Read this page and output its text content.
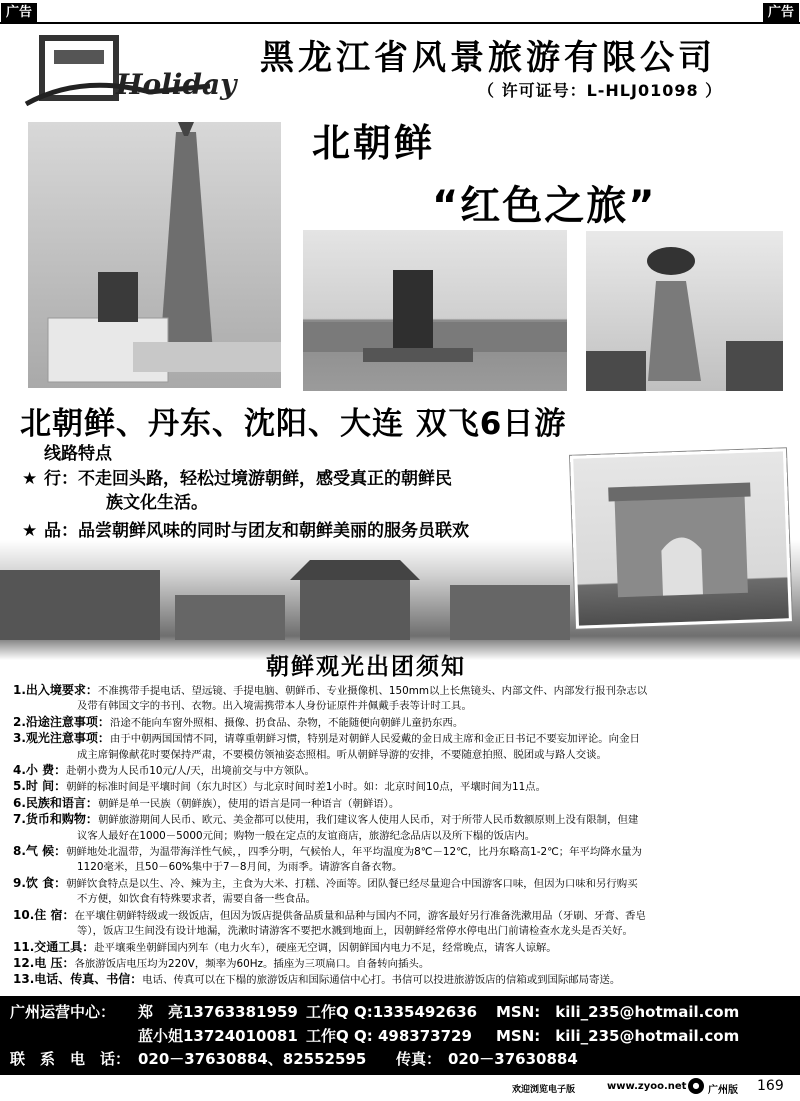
广告	广告
Holiday
黑龙江省风景旅游有限公司
（ 许可证号：L-HLJ01098 ）
北朝鲜
“红色之旅”
北朝鲜、丹东、沈阳、大连 双飞6日游
线路特点
★ 行：不走回头路，轻松过境游朝鲜，感受真正的朝鲜民
族文化生活。
★ 品：品尝朝鲜风味的同时与团友和朝鲜美丽的服务员联欢
朝鲜观光出团须知

1.出入境要求：不准携带手提电话、望远镜、手提电脑、朝鲜币、专业摄像机、150mm以上长焦镜头、内部文件、内部发行报刊杂志以
及带有韩国文字的书刊、衣物。出入境需携带本人身份证原件并佩戴手表等计时工具。

2.沿途注意事项：沿途不能向车窗外照相、摄像、扔食品、杂物，不能随便向朝鲜儿童扔东西。

3.观光注意事项：由于中朝两国国情不同，请尊重朝鲜习惯，特别是对朝鲜人民爱戴的金日成主席和金正日书记不要妄加评论。向金日
成主席铜像献花时要保持严肃，不要模仿领袖姿态照相。听从朝鲜导游的安排，不要随意拍照、脱团或与路人交谈。

4.小 费：赴朝小费为人民币10元/人/天，出境前交与中方领队。

5.时 间：朝鲜的标准时间是平壤时间（东九时区）与北京时间时差1小时。如：北京时间10点，平壤时间为11点。

6.民族和语言：朝鲜是单一民族（朝鲜族），使用的语言是同一种语言（朝鲜语）。

7.货币和购物：朝鲜旅游期间人民币、欧元、美金都可以使用，我们建议客人使用人民币，对于所带人民币数额原则上没有限制，但建
议客人最好在1000－5000元间；购物一般在定点的友谊商店，旅游纪念品店以及所下榻的饭店内。

8.气 候：朝鲜地处北温带，为温带海洋性气候，，四季分明，气候怡人，年平均温度为8℃－12℃，比丹东略高1-2℃；年平均降水量为
1120毫米，且50－60%集中于7－8月间，为雨季。请游客自备衣物。

9.饮 食：朝鲜饮食特点是以生、冷、辣为主，主食为大米、打糕、冷面等。团队餐已经尽量迎合中国游客口味，但因为口味和另行购买
不方便，如饮食有特殊要求者，需要自备一些食品。

10.住 宿：在平壤住朝鲜特级或一级饭店，但因为饭店提供备品质量和品种与国内不同，游客最好另行准备洗漱用品（牙刷、牙膏、香皂
等），饭店卫生间没有设计地漏，洗漱时请游客不要把水溅到地面上，因朝鲜经常停水停电出门前请检查水龙头是否关好。

11.交通工具：赴平壤乘坐朝鲜国内列车（电力火车），硬座无空调，因朝鲜国内电力不足，经常晚点，请客人谅解。

12.电 压：各旅游饭店电压均为220V，频率为60Hz。插座为三项扁口。自备转向插头。

13.电话、传真、书信：电话、传真可以在下榻的旅游饭店和国际通信中心打。书信可以投进旅游饭店的信箱或到国际邮局寄送。

广州运营中心： 郑　亮13763381959 工作Q Q:1335492636 MSN:　kili_235@hotmail.com
蓝小姐13724010081 工作Q Q: 498373729 MSN:　kili_235@hotmail.com
联　系　电　话： 020－37630884、82552595 传真： 020－37630884
欢迎浏览电子版	www.zyoo.net ● 广州版 169
